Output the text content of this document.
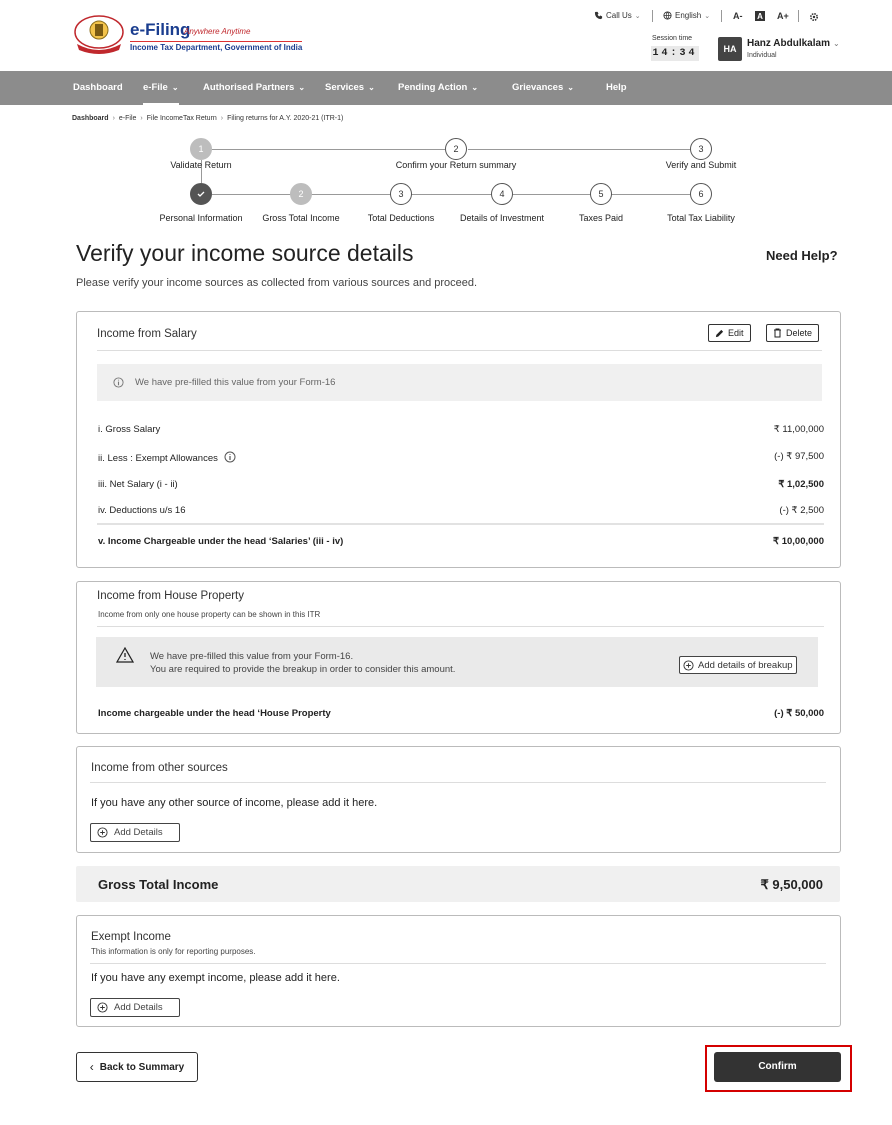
e-Filing
Anywhere Anytime
Income Tax Department, Government of India
Call Us ⌄	English ⌄	A- A A+
Session time
14:34	HA	Hanz Abdulkalam ⌄
Individual
Dashboard e-File ⌄	Authorised Partners ⌄ Services ⌄ Pending Action ⌄	Grievances ⌄	Help
Dashboard › e-File › File IncomeTax Return › Filing returns for A.Y. 2020-21 (ITR-1)
1	2	3
Validate Return	Confirm your Return summary	Verify and Submit
2	3	4	5	6
Personal Information Gross Total Income	Total Deductions	Details of Investment	Taxes Paid	Total Tax Liability
Verify your income source details	Need Help?
Please verify your income sources as collected from various sources and proceed.
Income from Salary	Edit	Delete
We have pre-filled this value from your Form-16
i. Gross Salary	₹ 11,00,000
ii. Less : Exempt Allowances	(-) ₹ 97,500
iii. Net Salary (i - ii)	₹ 1,02,500
iv. Deductions u/s 16	(-) ₹ 2,500
v. Income Chargeable under the head ‘Salaries’ (iii - iv)	₹ 10,00,000
Income from House Property
Income from only one house property can be shown in this ITR
We have pre-filled this value from your Form-16.
You are required to provide the breakup in order to consider this amount.	Add details of breakup
Income chargeable under the head ‘House Property	(-) ₹ 50,000
Income from other sources
If you have any other source of income, please add it here.
Add Details
Gross Total Income	₹ 9,50,000
Exempt Income
This information is only for reporting purposes.
If you have any exempt income, please add it here.
Add Details
‹ Back to Summary	Confirm
